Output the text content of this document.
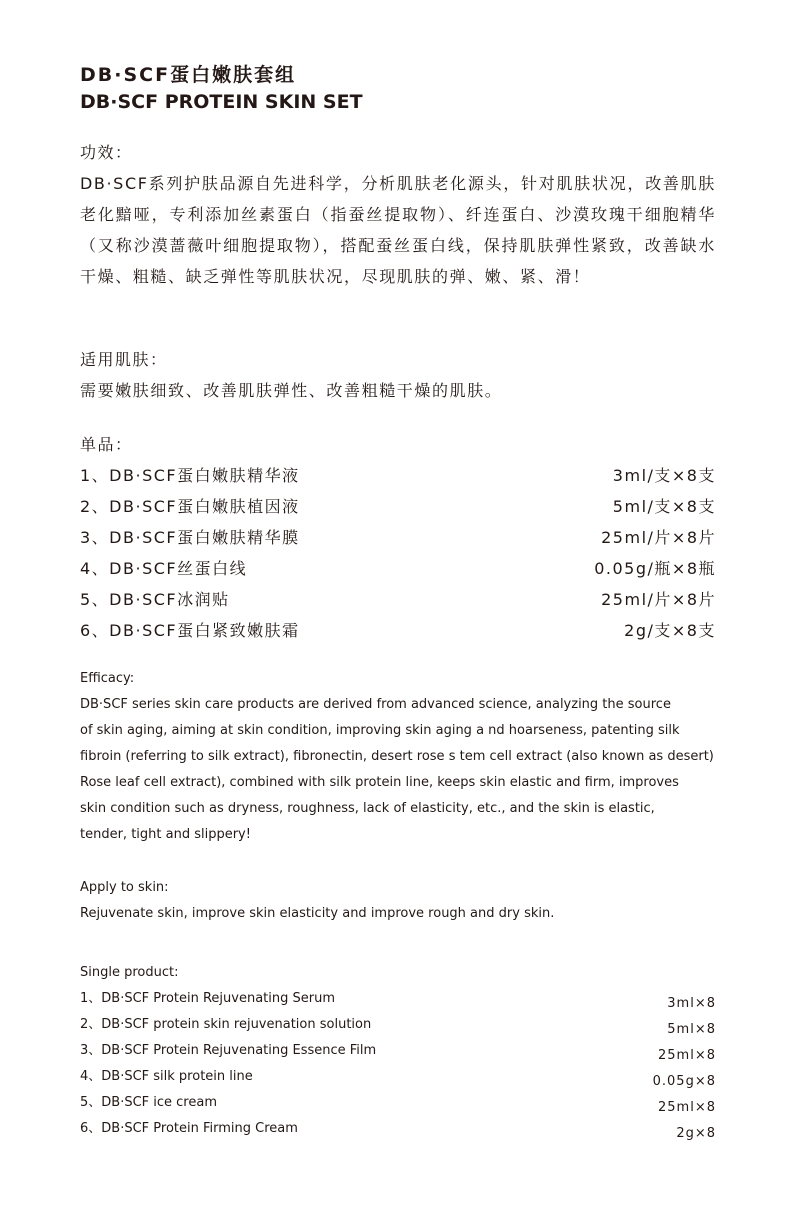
DB·SCF蛋白嫩肤套组
DB·SCF PROTEIN SKIN SET
功效：
DB·SCF系列护肤品源自先进科学，分析肌肤老化源头，针对肌肤状况，改善肌肤老化黯哑，专利添加丝素蛋白（指蚕丝提取物）、纤连蛋白、沙漠玫瑰干细胞精华（又称沙漠蔷薇叶细胞提取物），搭配蚕丝蛋白线，保持肌肤弹性紧致，改善缺水干燥、粗糙、缺乏弹性等肌肤状况，尽现肌肤的弹、嫩、紧、滑！
适用肌肤：
需要嫩肤细致、改善肌肤弹性、改善粗糙干燥的肌肤。
单品：
1、DB·SCF蛋白嫩肤精华液	3ml/支×8支
2、DB·SCF蛋白嫩肤植因液	5ml/支×8支
3、DB·SCF蛋白嫩肤精华膜	25ml/片×8片
4、DB·SCF丝蛋白线	0.05g/瓶×8瓶
5、DB·SCF冰润贴	25ml/片×8片
6、DB·SCF蛋白紧致嫩肤霜	2g/支×8支
Efficacy:
DB·SCF series skin care products are derived from advanced science, analyzing the source
of skin aging, aiming at skin condition, improving skin aging a nd hoarseness, patenting silk
fibroin (referring to silk extract), fibronectin, desert rose s tem cell extract (also known as desert)
Rose leaf cell extract), combined with silk protein line, keeps skin elastic and firm, improves
skin condition such as dryness, roughness, lack of elasticity, etc., and the skin is elastic,
tender, tight and slippery!
Apply to skin:
Rejuvenate skin, improve skin elasticity and improve rough and dry skin.
Single product:
1、DB·SCF Protein Rejuvenating Serum	3ml×8
2、DB·SCF protein skin rejuvenation solution	5ml×8
3、DB·SCF Protein Rejuvenating Essence Film	25ml×8
4、DB·SCF silk protein line	0.05g×8
5、DB·SCF ice cream	25ml×8
6、DB·SCF Protein Firming Cream	2g×8
